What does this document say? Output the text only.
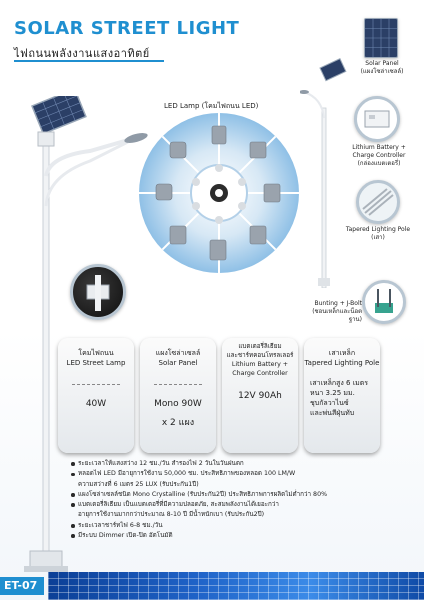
SOLAR STREET LIGHT
ไฟถนนพลังงานแสงอาทิตย์
LED Lamp (โคมไฟถนน LED)
Solar Panel
(แผงโซล่าเซลล์)
Lithium Battery +
Charge Controller
(กล่องแบตเตอรี่)
Tapered Lighting Pole
(เสา)
Bunting + J-Bolt
(ชอนเหล็กและน็อตฐาน)
โคมไฟถนน
LED Street Lamp
40W
แผงโซล่าเซลล์
Solar Panel
Mono 90W
x 2 แผง
แบตเตอรี่ลิเธียม
และชาร์ทคอนโทรลเลอร์
Lithium Battery +
Charge Controller
12V 90Ah
เสาเหล็ก
Tapered Lighting Pole
เสาเหล็กสูง 6 เมตร
หนา 3.25 มม.
ชุบกัลวาไนซ์
และพ่นสีฝุ่นทับ
ระยะเวลาให้แสงสว่าง 12 ชม./วัน สำรองไฟ 2 วันในวันฝนตก
หลอดไฟ LED มีอายุการใช้งาน 50,000 ชม. ประสิทธิภาพของหลอด 100 LM/W
ความสว่างที่ 6 เมตร 25 LUX (รับประกัน1ปี)
แผงโซล่าเซลล์ชนิด Mono Crystalline (รับประกัน2ปี) ประสิทธิภาพการผลิตไม่ต่ำกว่า 80%
แบตเตอรี่ลิเธียม เป็นแบตเตอรี่ที่มีความปลอดภัย, สะสมพลังงานได้เยอะกว่า
อายุการใช้งานมากกว่าประมาณ 8-10 ปี มีน้ำหนักเบา (รับประกัน2ปี)
ระยะเวลาชาร์ทไฟ 6-8 ชม./วัน
มีระบบ Dimmer เปิด-ปิด อัตโนมัติ
ET-07
